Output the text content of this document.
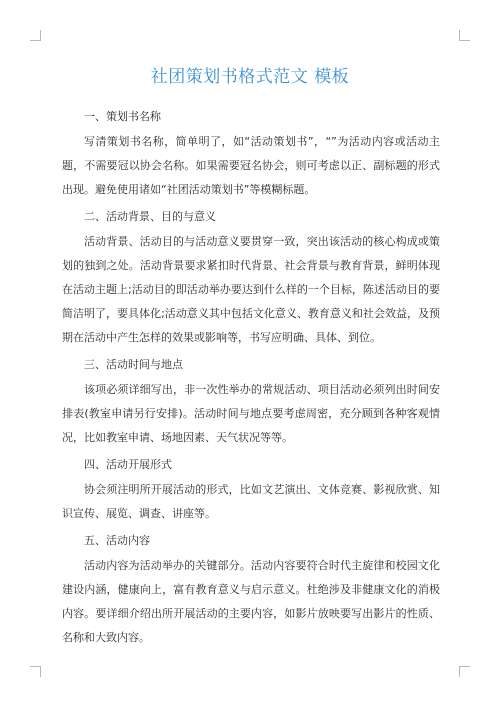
社团策划书格式范文 模板

一、策划书名称

写清策划书名称，简单明了，如“活动策划书”，“”为活动内容或活动主题，不需要冠以协会名称。如果需要冠名协会，则可考虑以正、副标题的形式出现。避免使用诸如“社团活动策划书”等模糊标题。

二、活动背景、目的与意义

活动背景、活动目的与活动意义要贯穿一致，突出该活动的核心构成或策划的独到之处。活动背景要求紧扣时代背景、社会背景与教育背景，鲜明体现在活动主题上;活动目的即活动举办要达到什么样的一个目标，陈述活动目的要简洁明了，要具体化;活动意义其中包括文化意义、教育意义和社会效益，及预期在活动中产生怎样的效果或影响等，书写应明确、具体、到位。

三、活动时间与地点

该项必须详细写出，非一次性举办的常规活动、项目活动必须列出时间安排表(教室申请另行安排)。活动时间与地点要考虑周密，充分顾到各种客观情况，比如教室申请、场地因素、天气状况等等。

四、活动开展形式

协会须注明所开展活动的形式，比如文艺演出、文体竞赛、影视欣赏、知识宣传、展览、调查、讲座等。

五、活动内容

活动内容为活动举办的关键部分。活动内容要符合时代主旋律和校园文化建设内涵，健康向上，富有教育意义与启示意义。杜绝涉及非健康文化的消极内容。要详细介绍出所开展活动的主要内容，如影片放映要写出影片的性质、名称和大致内容。
